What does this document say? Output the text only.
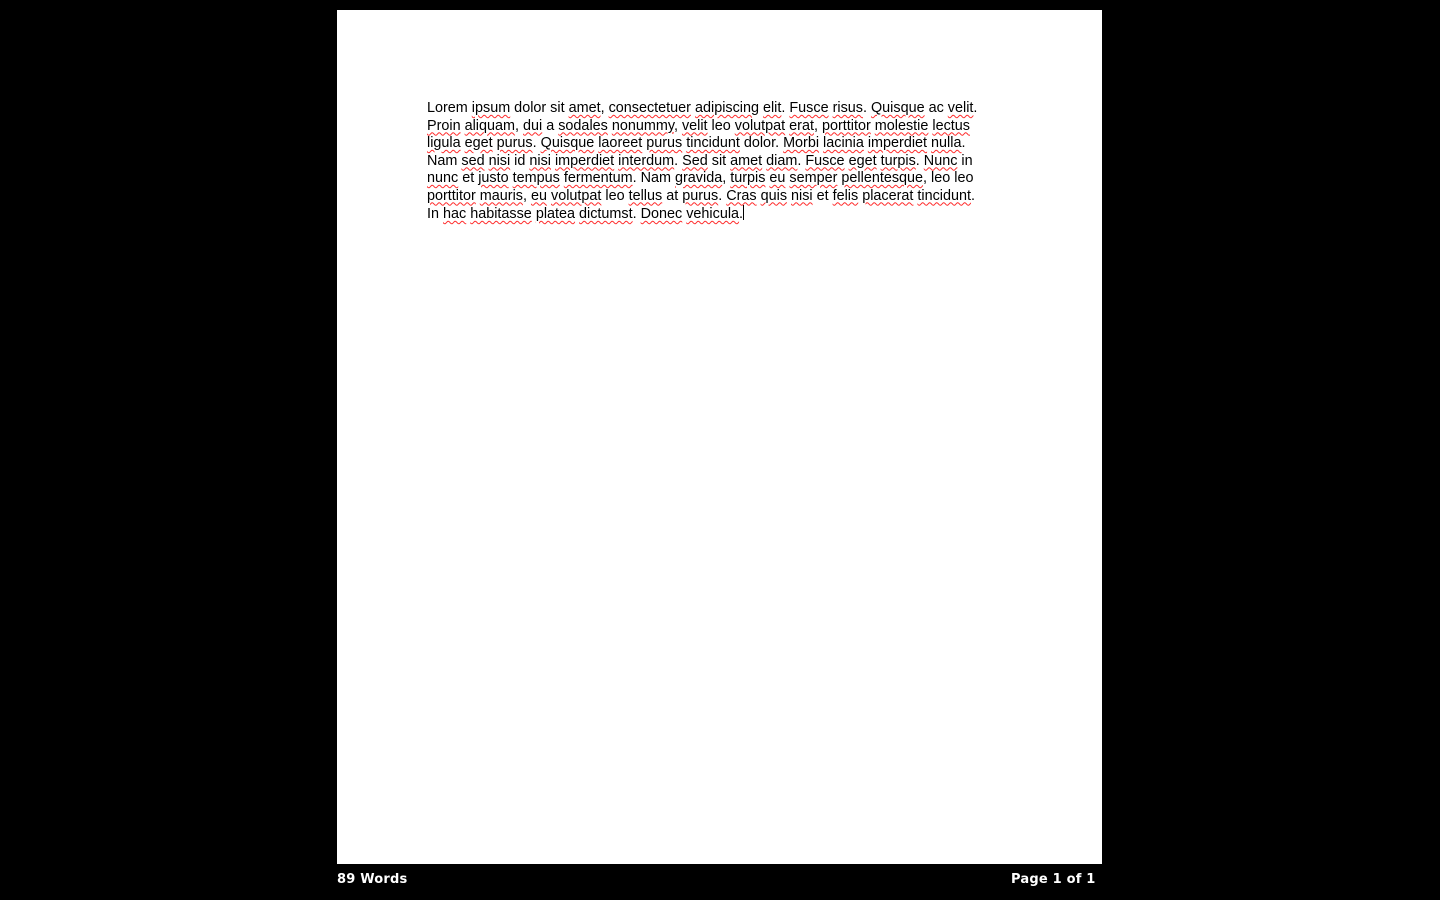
Lorem ipsum dolor sit amet, consectetuer adipiscing elit. Fusce risus. Quisque ac velit.
Proin aliquam, dui a sodales nonummy, velit leo volutpat erat, porttitor molestie lectus
ligula eget purus. Quisque laoreet purus tincidunt dolor. Morbi lacinia imperdiet nulla.
Nam sed nisi id nisi imperdiet interdum. Sed sit amet diam. Fusce eget turpis. Nunc in
nunc et justo tempus fermentum. Nam gravida, turpis eu semper pellentesque, leo leo
porttitor mauris, eu volutpat leo tellus at purus. Cras quis nisi et felis placerat tincidunt.
In hac habitasse platea dictumst. Donec vehicula.
89 Words	Page 1 of 1
